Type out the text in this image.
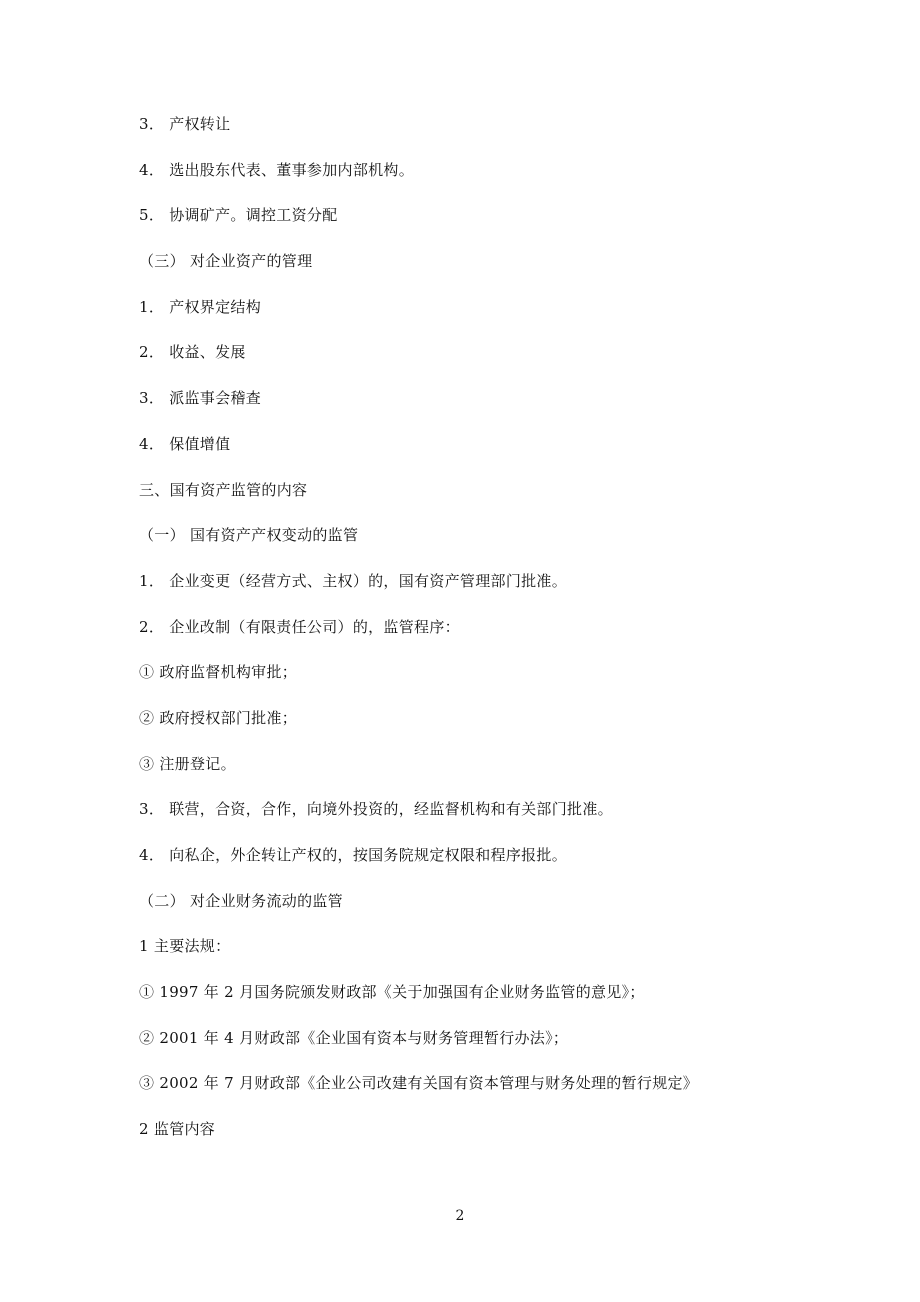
3． 产权转让
4． 选出股东代表、董事参加内部机构。
5． 协调矿产。调控工资分配
（三） 对企业资产的管理
1． 产权界定结构
2． 收益、发展
3． 派监事会稽查
4． 保值增值
三、国有资产监管的内容
（一） 国有资产产权变动的监管
1． 企业变更（经营方式、主权）的，国有资产管理部门批准。
2． 企业改制（有限责任公司）的，监管程序：
① 政府监督机构审批；
② 政府授权部门批准；
③ 注册登记。
3． 联营，合资，合作，向境外投资的，经监督机构和有关部门批准。
4． 向私企，外企转让产权的，按国务院规定权限和程序报批。
（二） 对企业财务流动的监管
1 主要法规：
① 1997 年 2 月国务院颁发财政部《关于加强国有企业财务监管的意见》；
② 2001 年 4 月财政部《企业国有资本与财务管理暂行办法》；
③ 2002 年 7 月财政部《企业公司改建有关国有资本管理与财务处理的暂行规定》
2 监管内容
2
